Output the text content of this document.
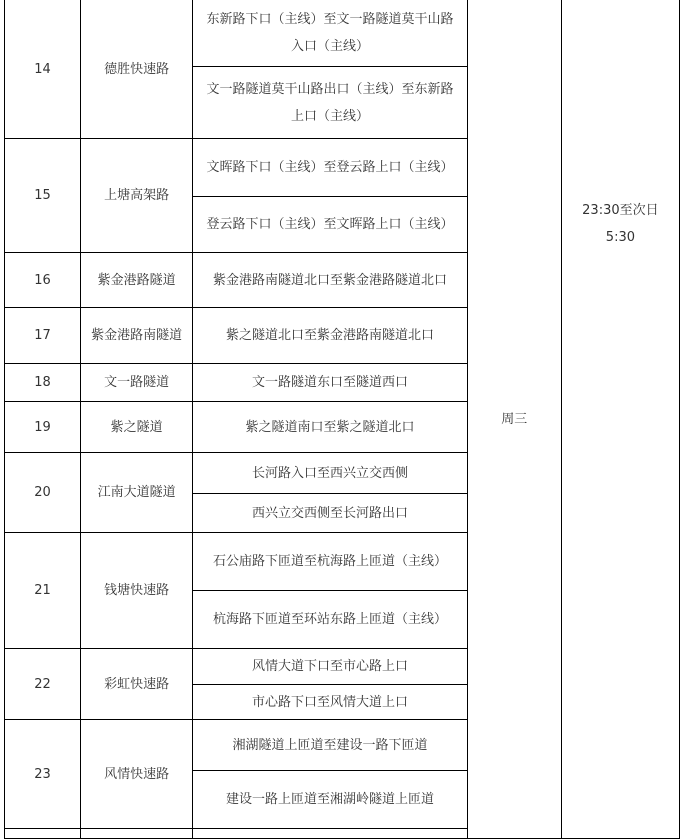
14	德胜快速路	东新路下口（主线）至文一路隧道莫干山路入口（主线）	周三	23:30至次日5:30
		文一路隧道莫干山路出口（主线）至东新路上口（主线）		
15	上塘高架路	文晖路下口（主线）至登云路上口（主线）		
		登云路下口（主线）至文晖路上口（主线）		
16	紫金港路隧道	紫金港路南隧道北口至紫金港路隧道北口		
17	紫金港路南隧道	紫之隧道北口至紫金港路南隧道北口		
18	文一路隧道	文一路隧道东口至隧道西口		
19	紫之隧道	紫之隧道南口至紫之隧道北口		
20	江南大道隧道	长河路入口至西兴立交西侧		
		西兴立交西侧至长河路出口		
21	钱塘快速路	石公庙路下匝道至杭海路上匝道（主线）		
		杭海路下匝道至环站东路上匝道（主线）		
22	彩虹快速路	风情大道下口至市心路上口		
		市心路下口至风情大道上口		
23	风情快速路	湘湖隧道上匝道至建设一路下匝道		
		建设一路上匝道至湘湖岭隧道上匝道		
